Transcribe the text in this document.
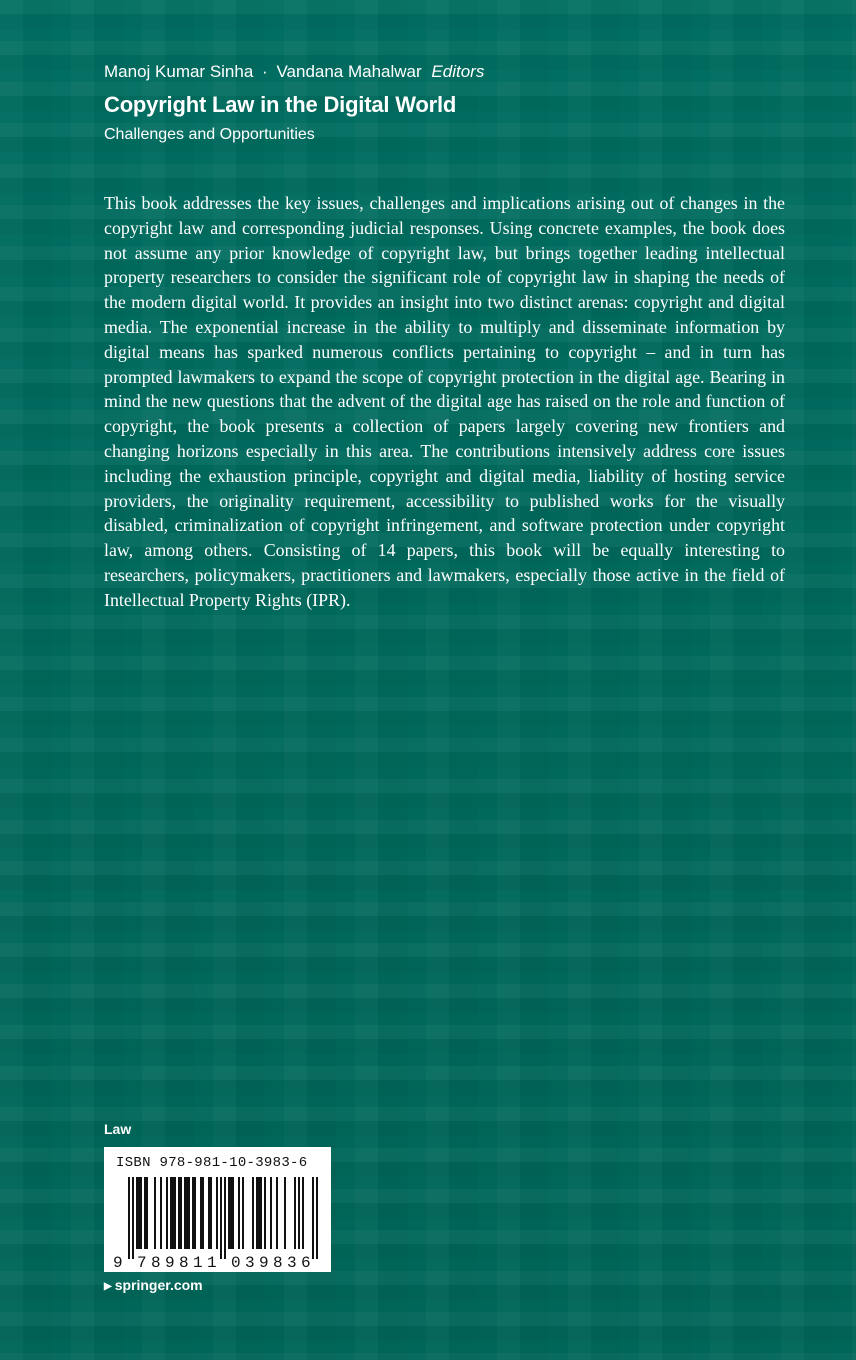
Manoj Kumar Sinha · Vandana Mahalwar Editors
Copyright Law in the Digital World
Challenges and Opportunities

This book addresses the key issues, challenges and implications arising out of changes in the copyright law and corresponding judicial responses. Using concrete examples, the book does not assume any prior knowledge of copyright law, but brings together leading intellectual property researchers to consider the significant role of copyright law in shaping the needs of the modern digital world. It provides an insight into two distinct arenas: copyright and digital media. The exponential increase in the ability to multiply and disseminate information by digital means has sparked numerous conflicts pertaining to copyright – and in turn has prompted lawmakers to expand the scope of copyright protection in the digital age. Bearing in mind the new questions that the advent of the digital age has raised on the role and function of copyright, the book presents a collection of papers largely covering new frontiers and changing horizons especially in this area. The contributions intensively address core issues including the exhaustion principle, copyright and digital media, liability of hosting service providers, the originality requirement, accessibility to published works for the visually disabled, criminalization of copyright infringement, and software protection under copyright law, among others. Consisting of 14 papers, this book will be equally interesting to researchers, policymakers, practitioners and lawmakers, especially those active in the field of Intellectual Property Rights (IPR).

Law
ISBN 978-981-10-3983-6
9 7 8 9 8 1 1 0 3 9 8 3 6
▶ springer.com
